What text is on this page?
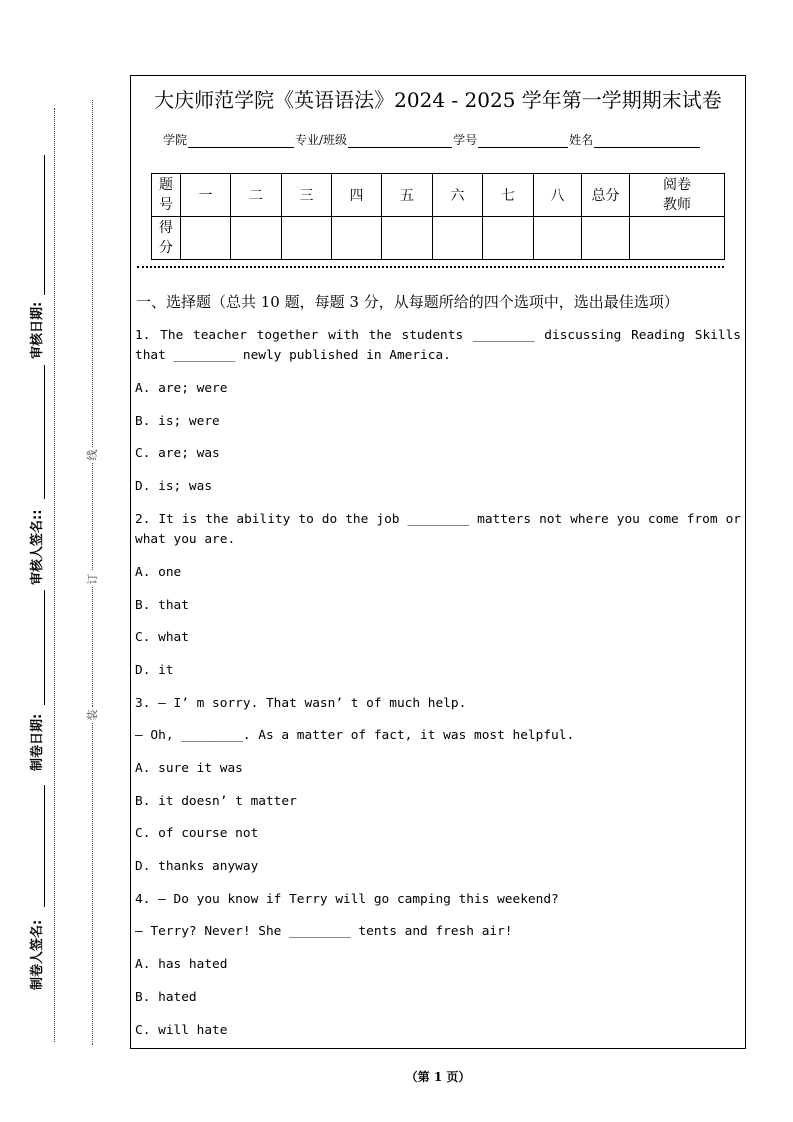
制卷人签名:
制卷日期:
审核人签名::
审核日期:
装
订
线
大庆师范学院《英语语法》2024 - 2025 学年第一学期期末试卷
学院	专业/班级	学号	姓名
题号	一	二	三	四	五	六	七	八	总分	阅卷教师

得分										

一、选择题（总共 10 题，每题 3 分，从每题所给的四个选项中，选出最佳选项）

1. The teacher together with the students ________ discussing Reading Skills

that ________ newly published in America.

A. are; were

B. is; were

C. are; was

D. is; was

2. It is the ability to do the job ________ matters not where you come from or

what you are.

A. one

B. that

C. what

D. it

3. — I’ m sorry. That wasn’ t of much help.

— Oh, ________. As a matter of fact, it was most helpful.

A. sure it was

B. it doesn’ t matter

C. of course not

D. thanks anyway

4. — Do you know if Terry will go camping this weekend?

— Terry? Never! She ________ tents and fresh air!

A. has hated

B. hated

C. will hate

（第 1 页）
